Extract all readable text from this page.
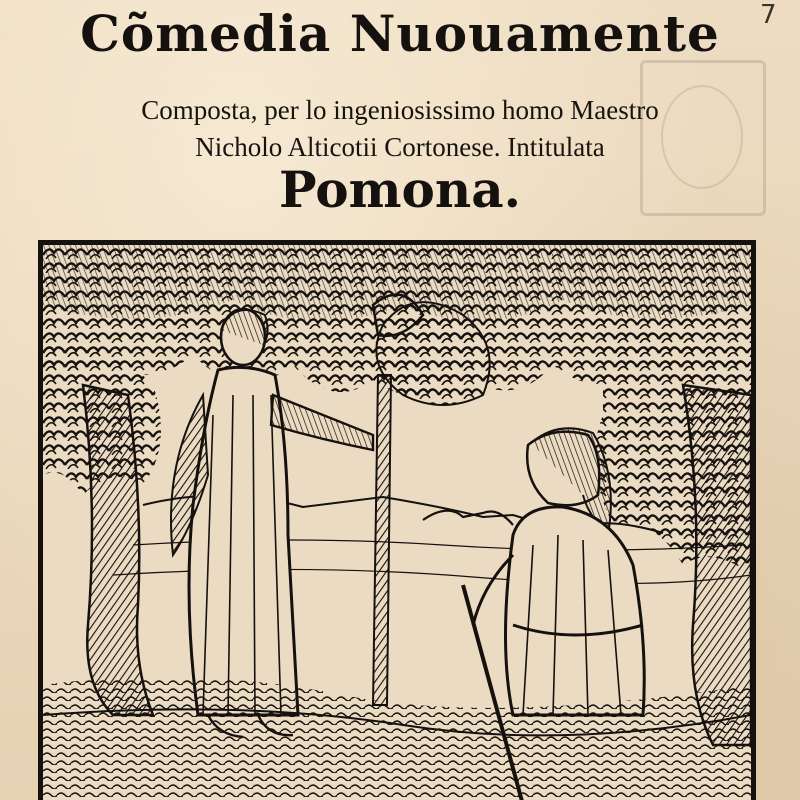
7
Cõmedia Nuouamente
Composta, per lo ingeniosissimo homo Maestro
Nicholo Alticotii Cortonese. Intitulata
Pomona.
